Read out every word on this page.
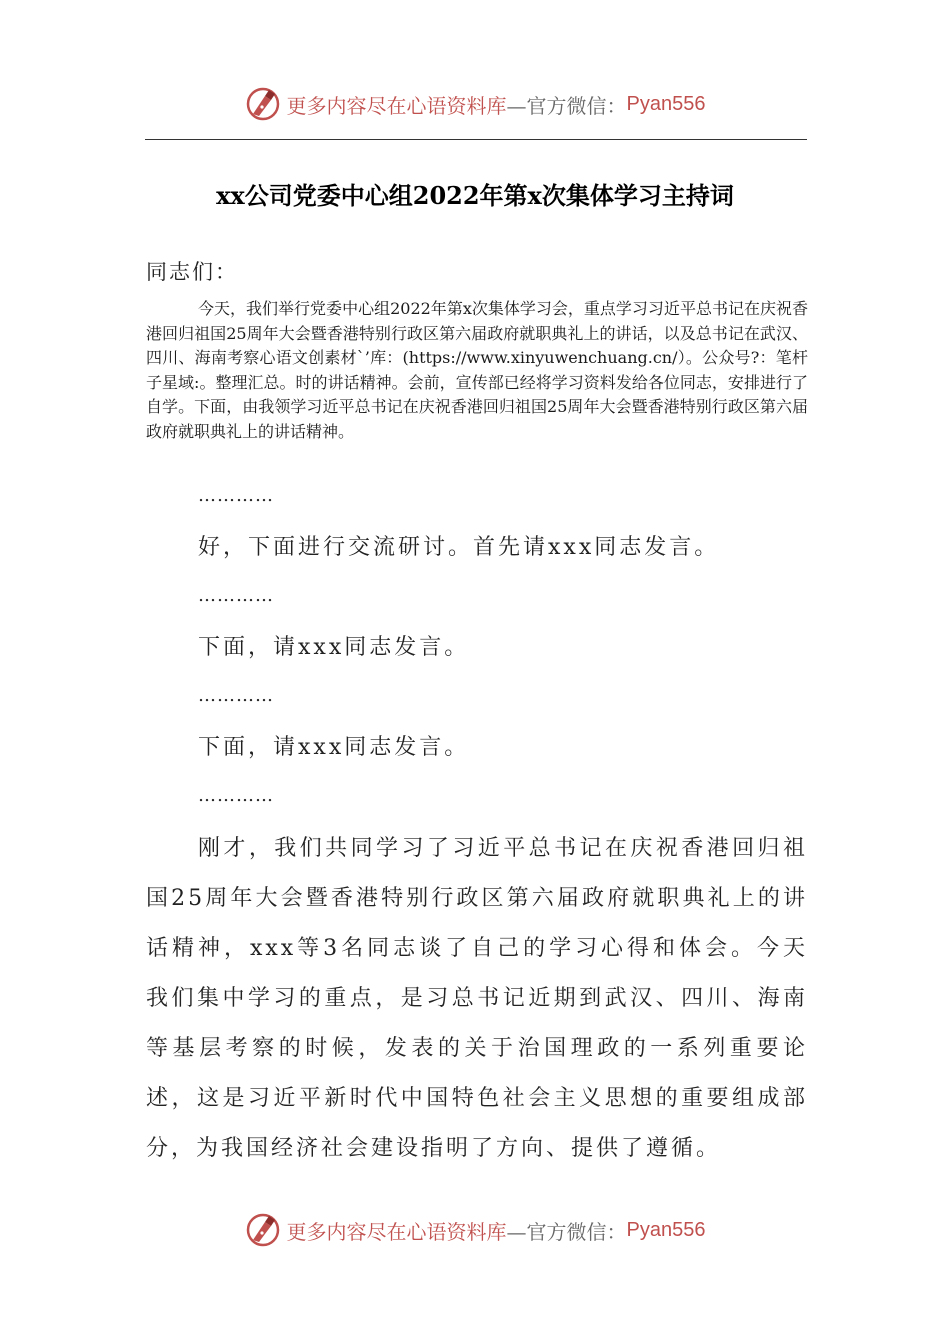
更多内容尽在心语资料库 —官方微信： Pyan556
xx公司党委中心组2022年第x次集体学习主持词
同志们：
今天，我们举行党委中心组2022年第x次集体学习会，重点学习习近平总书记在庆祝香港回归祖国25周年大会暨香港特别行政区第六届政府就职典礼上的讲话，以及总书记在武汉、四川、海南考察心语文创素材`’库：(https://www.xinyuwenchuang.cn/）。公众号?：笔杆子星域:。整理汇总。时的讲话精神。会前，宣传部已经将学习资料发给各位同志，安排进行了自学。下面，由我领学习近平总书记在庆祝香港回归祖国25周年大会暨香港特别行政区第六届政府就职典礼上的讲话精神。
…………
好，下面进行交流研讨。首先请xxx同志发言。
…………
下面，请xxx同志发言。
…………
下面，请xxx同志发言。
…………
刚才，我们共同学习了习近平总书记在庆祝香港回归祖国25周年大会暨香港特别行政区第六届政府就职典礼上的讲话精神，xxx等3名同志谈了自己的学习心得和体会。今天我们集中学习的重点，是习总书记近期到武汉、四川、海南等基层考察的时候，发表的关于治国理政的一系列重要论述，这是习近平新时代中国特色社会主义思想的重要组成部分，为我国经济社会建设指明了方向、提供了遵循。
更多内容尽在心语资料库 —官方微信： Pyan556
